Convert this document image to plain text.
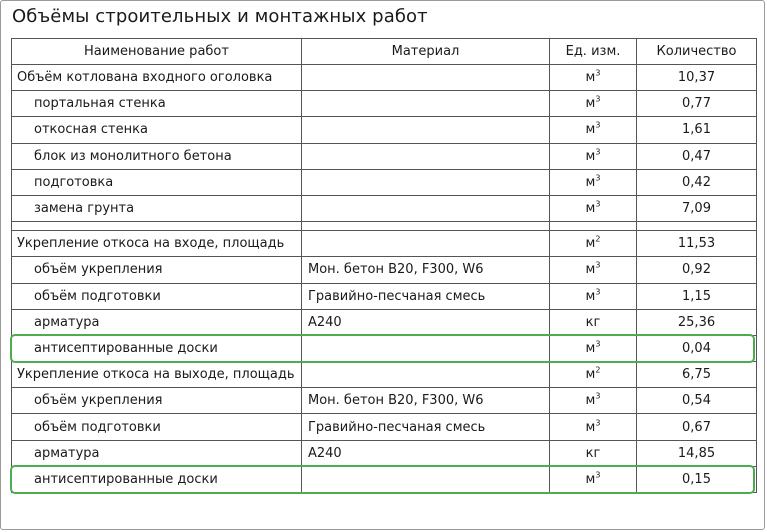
Объёмы строительных и монтажных работ
Наименование работ	Материал	Ед. изм.	Количество
Объём котлована входного оголовка		$м^3$	10,37
портальная стенка		$м^3$	0,77
откосная стенка		$м^3$	1,61
блок из монолитного бетона		$м^3$	0,47
подготовка		$м^3$	0,42
замена грунта		$м^3$	7,09

Укрепление откоса на входе, площадь		$м^2$	11,53
объём укрепления	Мон. бетон B20, F300, W6	$м^3$	0,92
объём подготовки	Гравийно-песчаная смесь	$м^3$	1,15
арматура	А240	кг	25,36
антисептированные доски		$м^3$	0,04
Укрепление откоса на выходе, площадь		$м^2$	6,75
объём укрепления	Мон. бетон B20, F300, W6	$м^3$	0,54
объём подготовки	Гравийно-песчаная смесь	$м^3$	0,67
арматура	А240	кг	14,85
антисептированные доски		$м^3$	0,15
